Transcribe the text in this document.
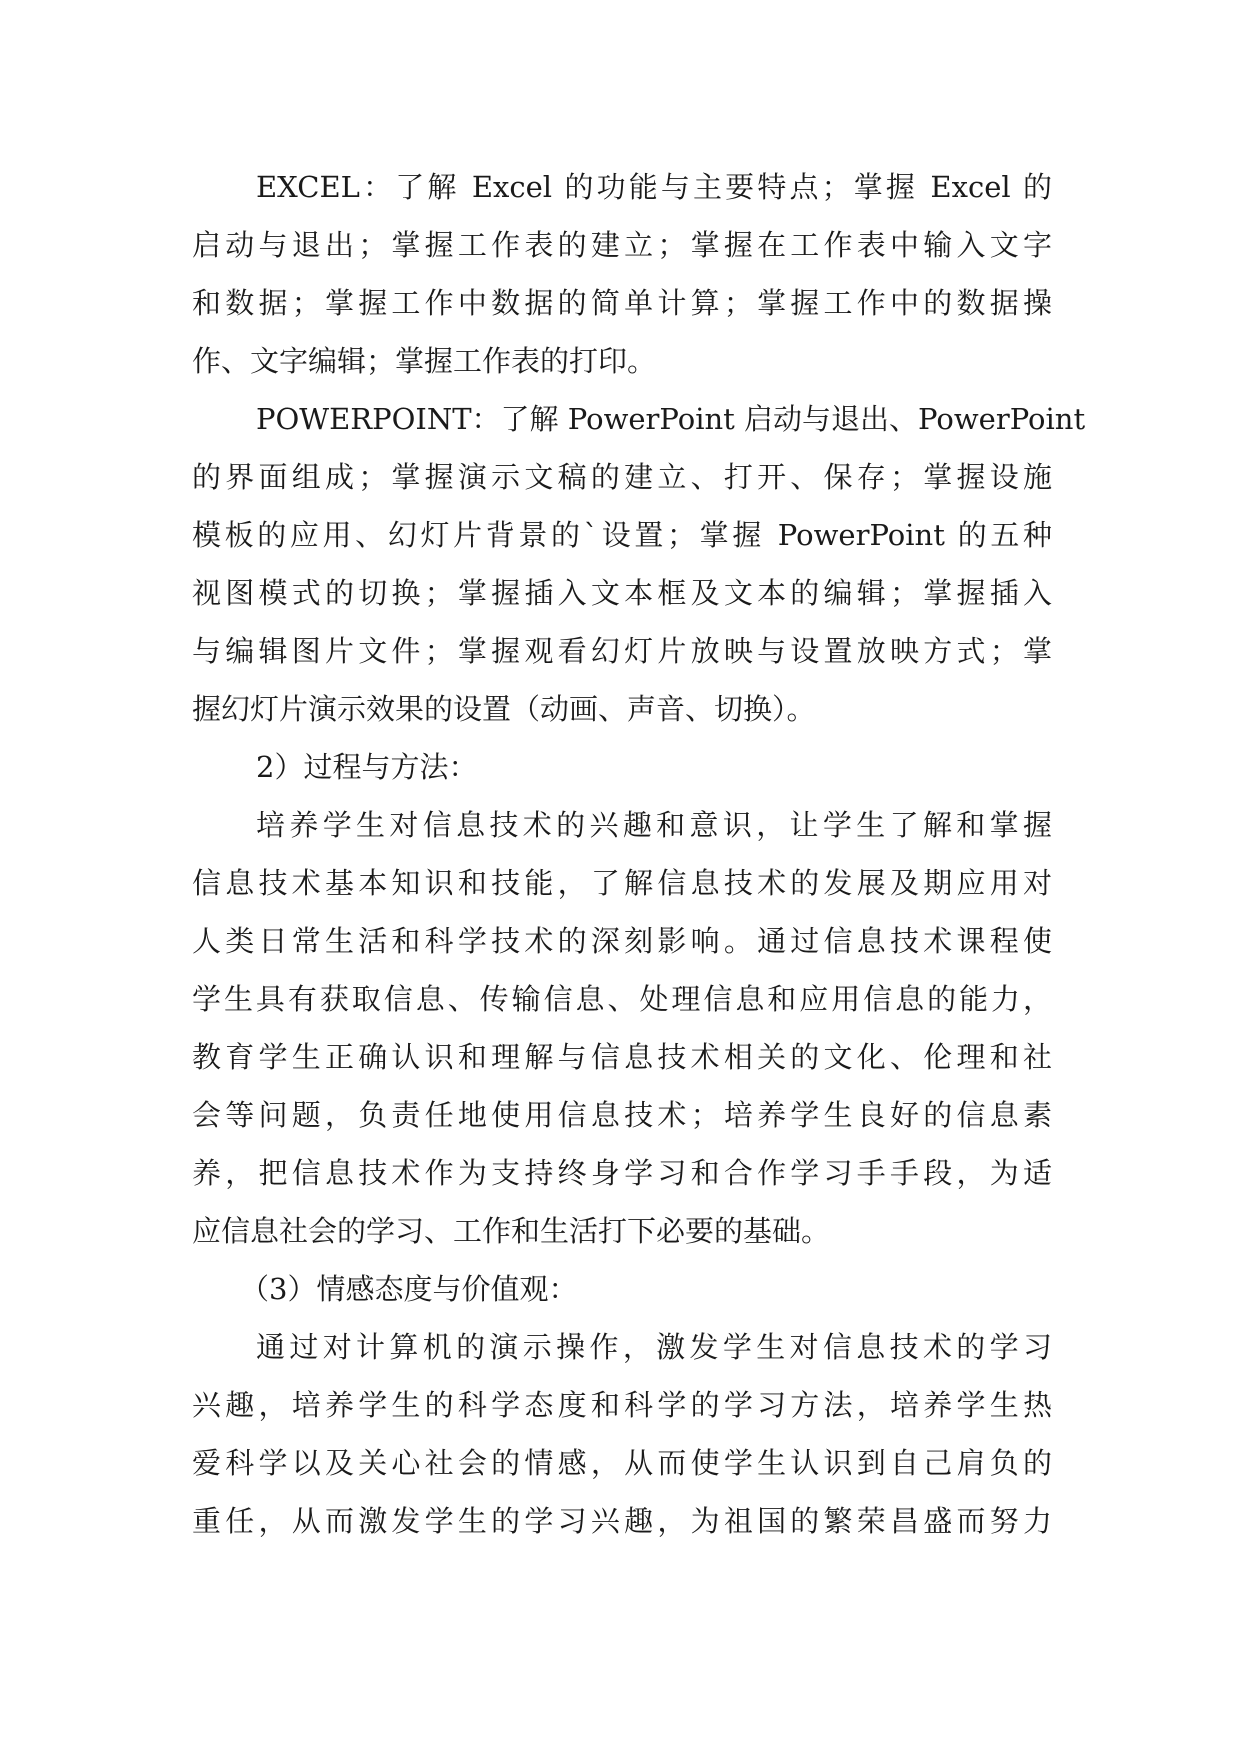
EXCEL：了解 Excel 的功能与主要特点；掌握 Excel 的
启动与退出；掌握工作表的建立；掌握在工作表中输入文字
和数据；掌握工作中数据的简单计算；掌握工作中的数据操
作、文字编辑；掌握工作表的打印。
POWERPOINT：了解 PowerPoint 启动与退出、PowerPoint
的界面组成；掌握演示文稿的建立、打开、保存；掌握设施
模板的应用、幻灯片背景的`设置；掌握 PowerPoint 的五种
视图模式的切换；掌握插入文本框及文本的编辑；掌握插入
与编辑图片文件；掌握观看幻灯片放映与设置放映方式；掌
握幻灯片演示效果的设置（动画、声音、切换）。
2）过程与方法：
培养学生对信息技术的兴趣和意识，让学生了解和掌握
信息技术基本知识和技能，了解信息技术的发展及期应用对
人类日常生活和科学技术的深刻影响。通过信息技术课程使
学生具有获取信息、传输信息、处理信息和应用信息的能力，
教育学生正确认识和理解与信息技术相关的文化、伦理和社
会等问题，负责任地使用信息技术；培养学生良好的信息素
养，把信息技术作为支持终身学习和合作学习手手段，为适
应信息社会的学习、工作和生活打下必要的基础。
（3）情感态度与价值观：
通过对计算机的演示操作，激发学生对信息技术的学习
兴趣，培养学生的科学态度和科学的学习方法，培养学生热
爱科学以及关心社会的情感，从而使学生认识到自己肩负的
重任，从而激发学生的学习兴趣，为祖国的繁荣昌盛而努力
